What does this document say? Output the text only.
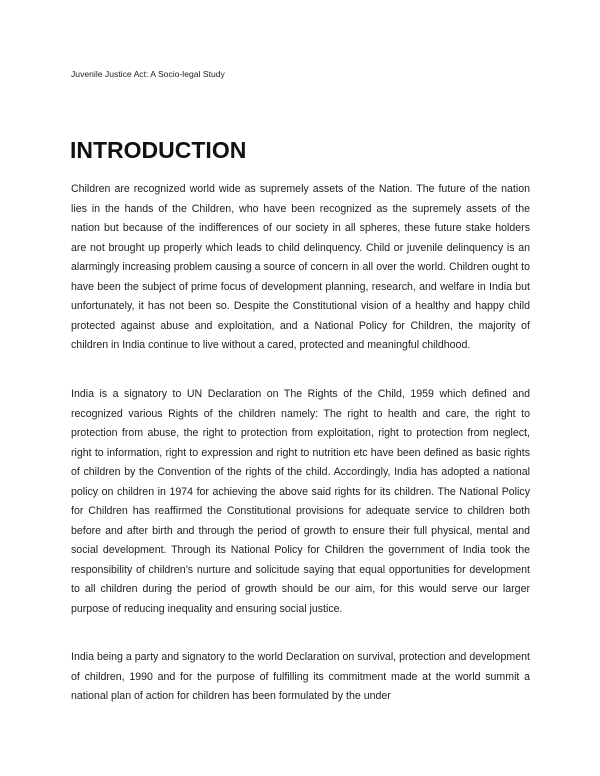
Juvenile Justice Act: A Socio-legal Study
INTRODUCTION

Children are recognized world wide as supremely assets of the Nation. The future of the nation lies in the hands of the Children, who have been recognized as the supremely assets of the nation but because of the indifferences of our society in all spheres, these future stake holders are not brought up properly which leads to child delinquency. Child or juvenile delinquency is an alarmingly increasing problem causing a source of concern in all over the world. Children ought to have been the subject of prime focus of development planning, research, and welfare in India but unfortunately, it has not been so. Despite the Constitutional vision of a healthy and happy child protected against abuse and exploitation, and a National Policy for Children, the majority of children in India continue to live without a cared, protected and meaningful childhood.

India is a signatory to UN Declaration on The Rights of the Child, 1959 which defined and recognized various Rights of the children namely: The right to health and care, the right to protection from abuse, the right to protection from exploitation, right to protection from neglect, right to information, right to expression and right to nutrition etc have been defined as basic rights of children by the Convention of the rights of the child. Accordingly, India has adopted a national policy on children in 1974 for achieving the above said rights for its children. The National Policy for Children has reaffirmed the Constitutional provisions for adequate service to children both before and after birth and through the period of growth to ensure their full physical, mental and social development. Through its National Policy for Children the government of India took the responsibility of children’s nurture and solicitude saying that equal opportunities for development to all children during the period of growth should be our aim, for this would serve our larger purpose of reducing inequality and ensuring social justice.

India being a party and signatory to the world Declaration on survival, protection and development of children, 1990 and for the purpose of fulfilling its commitment made at the world summit a national plan of action for children has been formulated by the under
